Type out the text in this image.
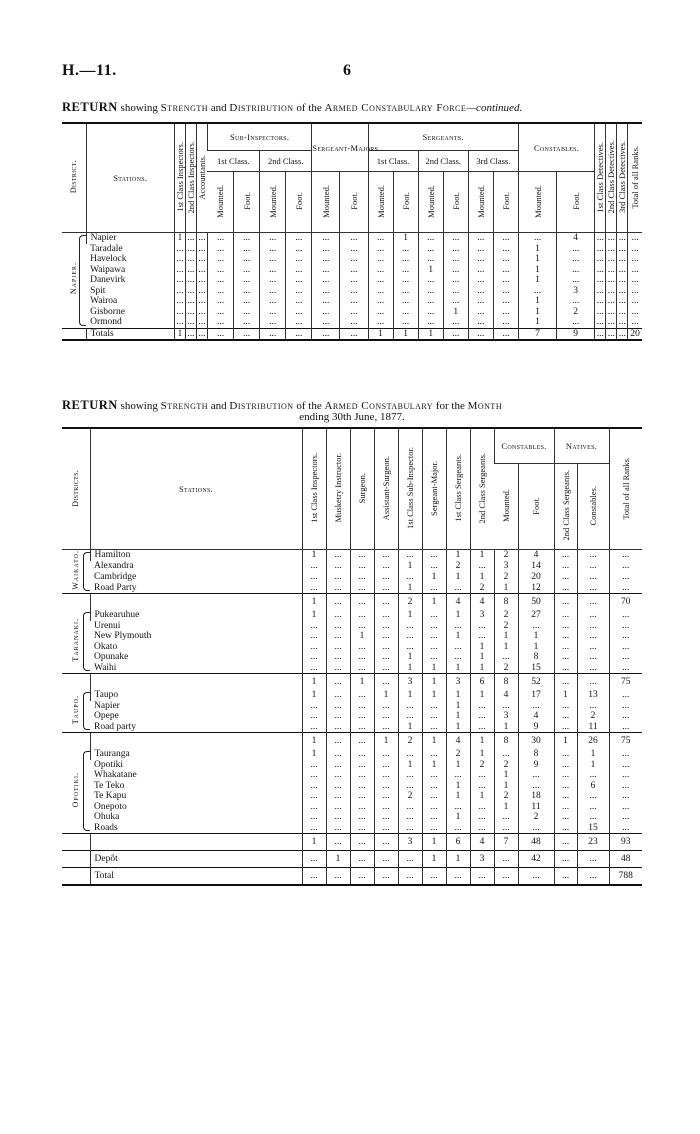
H.—11.	6
RETURN showing Strength and Distribution of the Armed Constabulary Force—continued.
District.	Stations.	1st Class Inspectors.	2nd Class Inspectors.	Accountants.	Sub-Inspectors.				Sergeant-Majors.		Sergeants.						Constables.		1st Class Detectives.	2nd Class Detectives.	3rd Class Detectives.	Total of all Ranks.
					1st Class.		2nd Class.				1st Class.		2nd Class.		3rd Class.							
					Mounted.	Foot.	Mounted.	Foot.	Mounted.	Foot.	Mounted.	Foot.	Mounted.	Foot.	Mounted.	Foot.	Mounted.	Foot.				
Napier.	Napier	1	...	...	...	...	...	...	...	...	...	1	...	...	...	...	...	4	...	...	...	...
	Taradale	...	...	...	...	...	...	...	...	...	...	...	...	...	...	...	1	...	...	...	...	...
	Havelock	...	...	...	...	...	...	...	...	...	...	...	...	...	...	...	1	...	...	...	...	...
	Waipawa	...	...	...	...	...	...	...	...	...	...	...	1	...	...	...	1	...	...	...	...	...
	Danevirk	...	...	...	...	...	...	...	...	...	...	...	...	...	...	...	1	...	...	...	...	...
	Spit	...	...	...	...	...	...	...	...	...	...	...	...	...	...	...	...	3	...	...	...	...
	Wairoa	...	...	...	...	...	...	...	...	...	...	...	...	...	...	...	1	...	...	...	...	...
	Gisborne	...	...	...	...	...	...	...	...	...	...	...	...	1	...	...	1	2	...	...	...	...
	Ormond	...	...	...	...	...	...	...	...	...	...	...	...	...	...	...	1	...	...	...	...	...
	Totals	1	...	...	...	...	...	...	...	...	1	1	1	...	...	...	7	9	...	...	...	20
RETURN showing Strength and Distribution of the Armed Constabulary for the Month
ending 30th June, 1877.
Districts.	Stations.	1st Class Inspectors.	Musketry Instructor.	Surgeon.	Assistant-Surgeon.	1st Class Sub-Inspector.	Sergeant-Major.	1st Class Sergeants.	2nd Class Sergeants.	Constables.		Natives.		Total of all Ranks.
										Mounted.	Foot.	2nd Class Sergeants.	Constables.	
Waikato.	Hamilton	1	...	...	...	...	...	1	1	2	4	...	...	...
	Alexandra	...	...	...	...	1	...	2	...	3	14	...	...	...
	Cambridge	...	...	...	...	...	1	1	1	2	20	...	...	...
	Road Party	...	...	...	...	1	...	...	2	1	12	...	...	...
		1	...	...	...	2	1	4	4	8	50	...	...	70
Taranaki.	Pukearuhue	1	...	...	...	1	...	1	3	2	27	...	...	...
	Urenui	...	...	...	...	...	...	...	...	2	...	...	...	...
	New Plymouth	...	...	1	...	...	...	1	...	1	1	...	...	...
	Okato	...	...	...	...	...	...	...	1	1	1	...	...	...
	Opunake	...	...	...	...	1	...	...	1	...	8	...	...	...
	Waihi	...	...	...	...	1	1	1	1	2	15	...	...	...
		1	...	1	...	3	1	3	6	8	52	...	...	75
Taupo.	Taupo	1	...	...	1	1	1	1	1	4	17	1	13	...
	Napier	...	...	...	...	...	...	1	...	...	...	...	...	...
	Opepe	...	...	...	...	...	...	1	...	3	4	...	2	...
	Road party	...	...	...	...	1	...	1	...	1	9	...	11	...
		1	...	...	1	2	1	4	1	8	30	1	26	75
Opotiki.	Tauranga	1	...	...	...	...	...	2	1	...	8	...	1	...
	Opotiki	...	...	...	...	1	1	1	2	2	9	...	1	...
	Whakatane	...	...	...	...	...	...	...	...	1	...	...	...	...
	Te Teko	...	...	...	...	...	...	1	...	1	...	...	6	...
	Te Kapu	...	...	...	...	2	...	1	1	2	18	...	...	...
	Onepoto	...	...	...	...	...	...	...	...	1	11	...	...	...
	Ohuka	...	...	...	...	...	...	1	...	...	2	...	...	...
	Roads	...	...	...	...	...	...	...	...	...	...	...	15	...
		1	...	...	...	3	1	6	4	7	48	...	23	93
	Depôt	...	1	...	...	...	1	1	3	...	42	...	...	48
	Total	...	...	...	...	...	...	...	...	...	...	...	...	788
